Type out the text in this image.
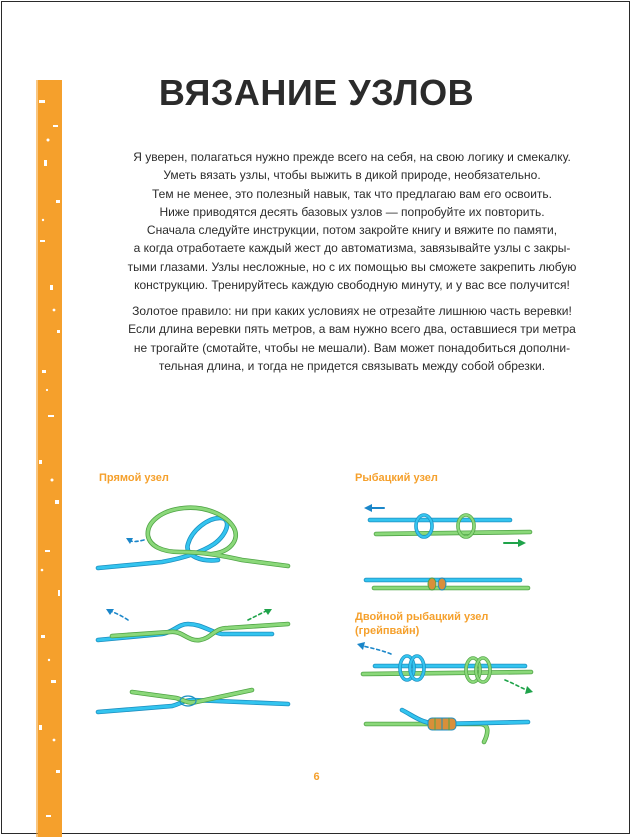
ВЯЗАНИЕ УЗЛОВ

Я уверен, полагаться нужно прежде всего на себя, на свою логику и смекалку.

Уметь вязать узлы, чтобы выжить в дикой природе, необязательно.

Тем не менее, это полезный навык, так что предлагаю вам его освоить.

Ниже приводятся десять базовых узлов — попробуйте их повторить.

Сначала следуйте инструкции, потом закройте книгу и вяжите по памяти,

а когда отработаете каждый жест до автоматизма, завязывайте узлы с закры-

тыми глазами. Узлы несложные, но с их помощью вы сможете закрепить любую

конструкцию. Тренируйтесь каждую свободную минуту, и у вас все получится!

Золотое правило: ни при каких условиях не отрезайте лишнюю часть веревки!

Если длина веревки пять метров, а вам нужно всего два, оставшиеся три метра

не трогайте (смотайте, чтобы не мешали). Вам может понадобиться дополни-

тельная длина, и тогда не придется связывать между собой обрезки.

Прямой узел	Рыбацкий узел
Двойной рыбацкий узел
(грейпвайн)
6
